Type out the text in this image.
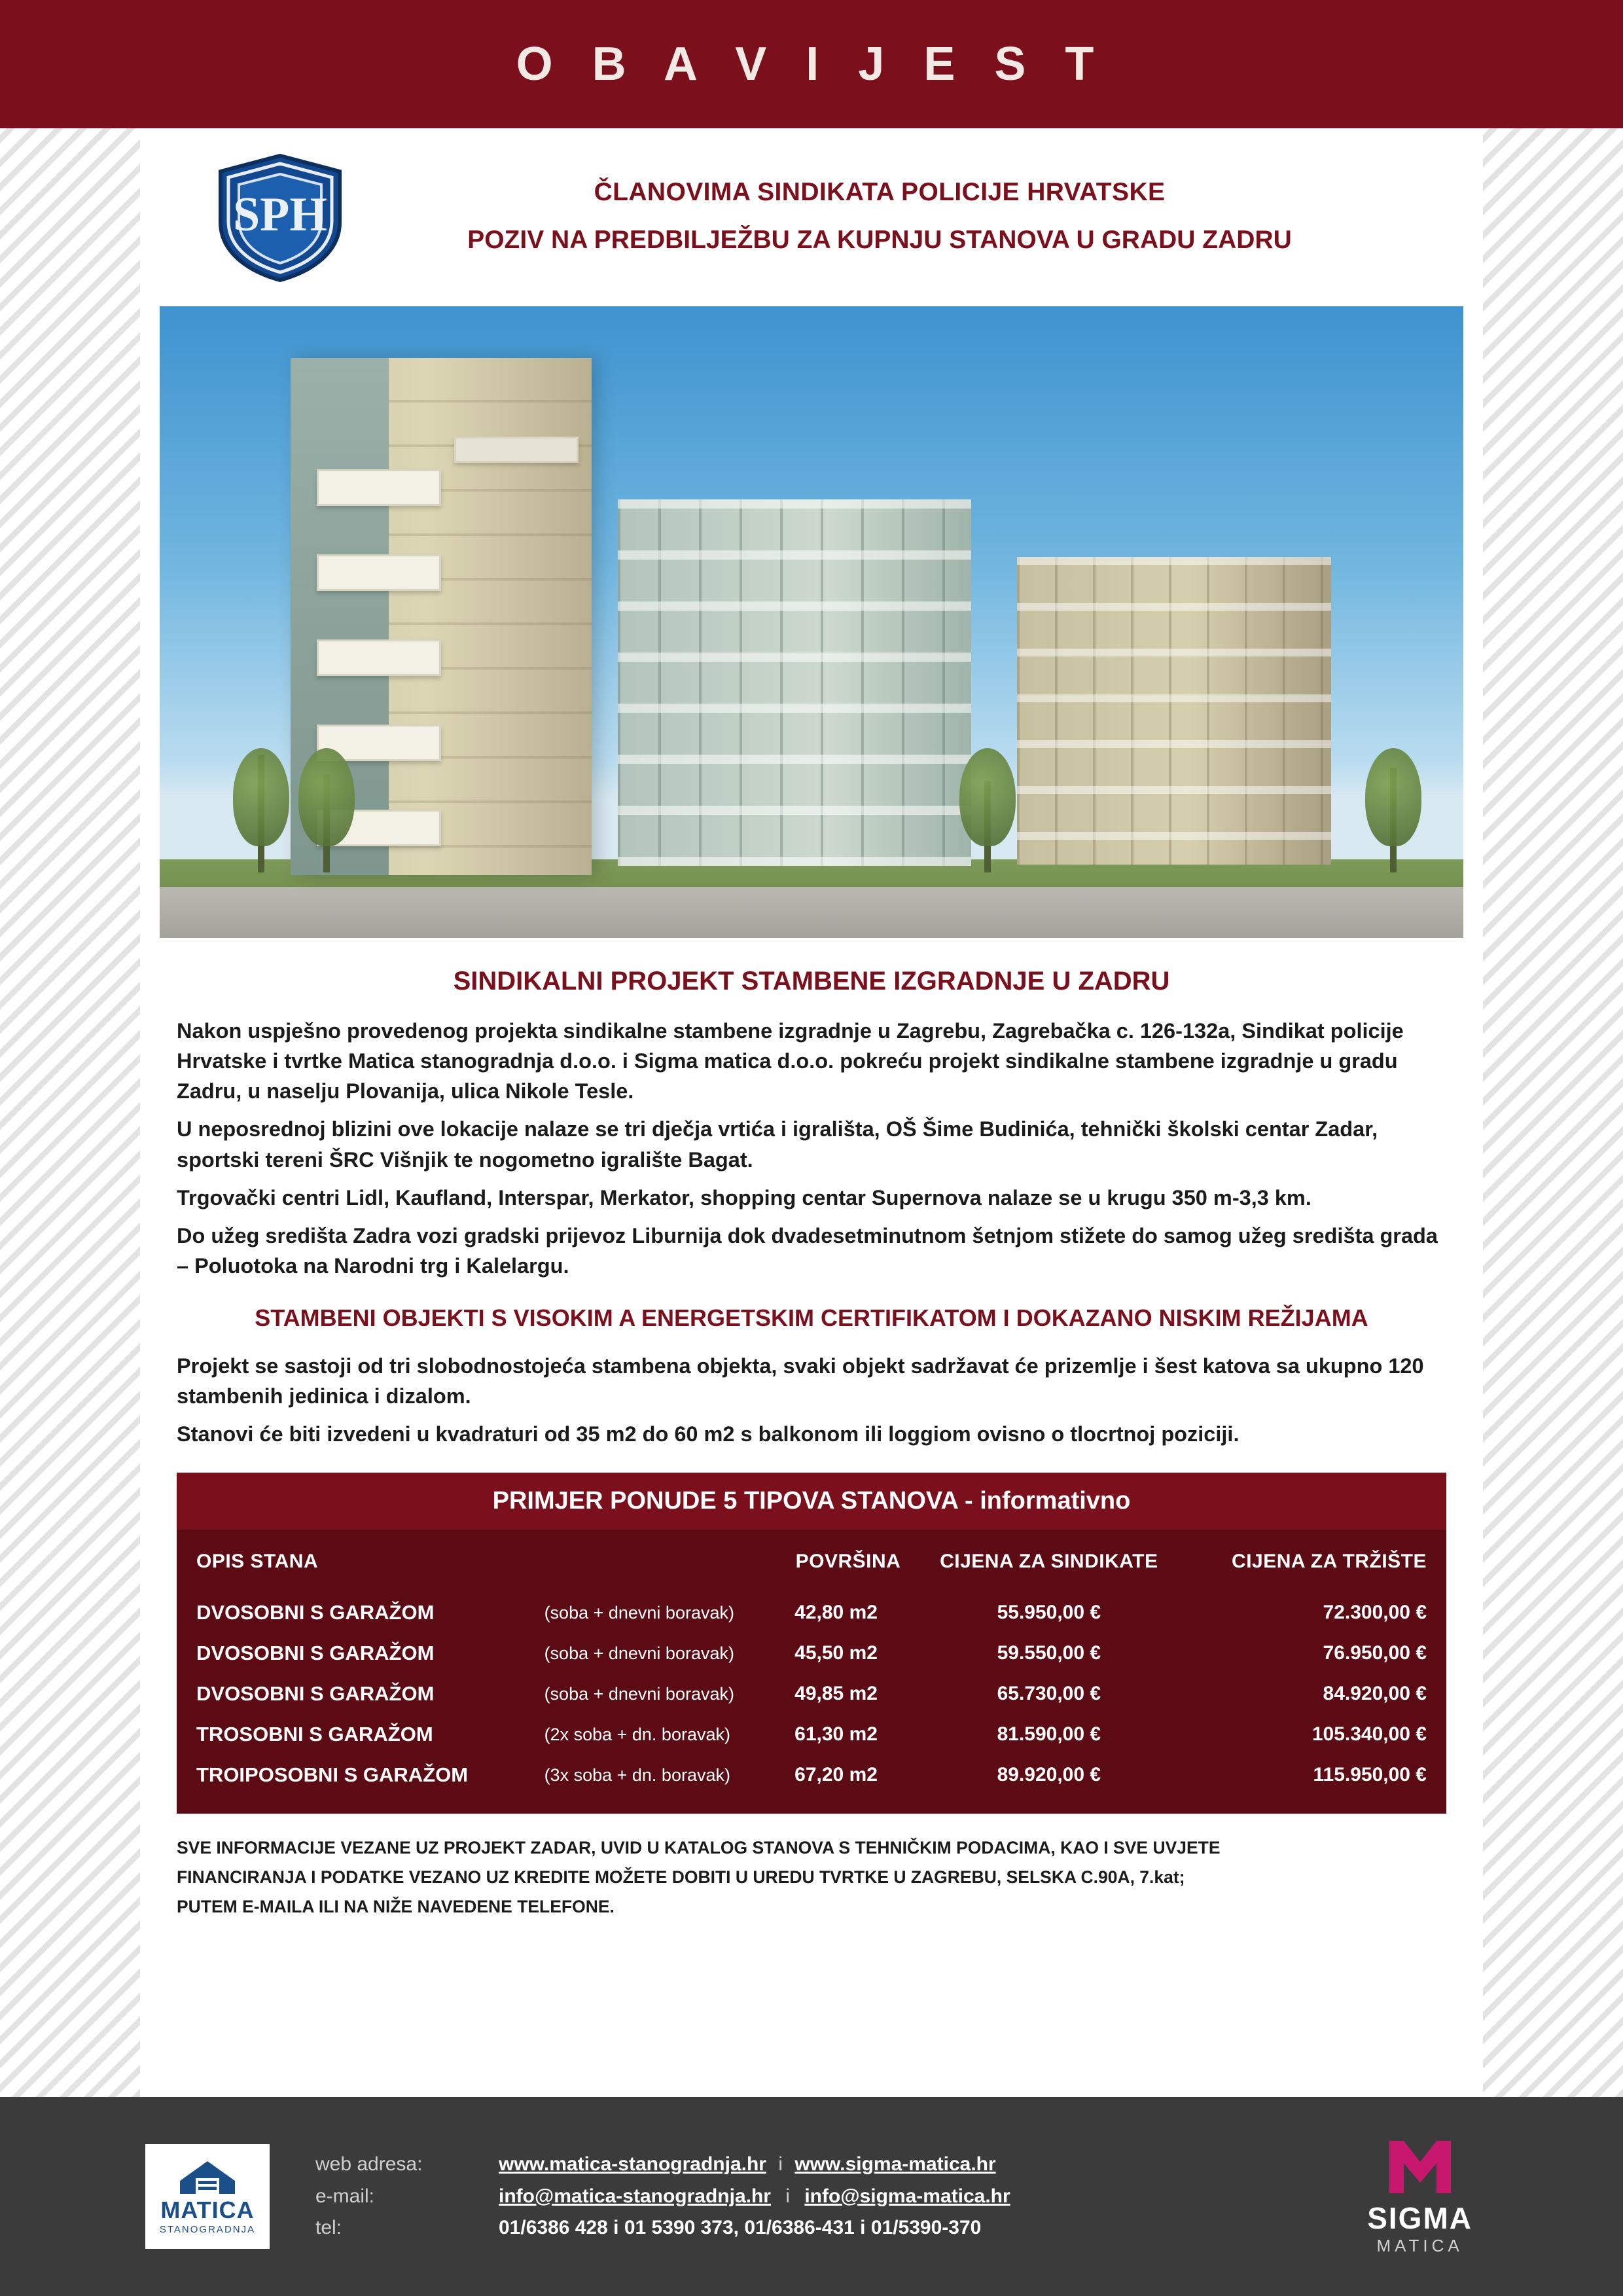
O B A V I J E S T
SPH	ČLANOVIMA SINDIKATA POLICIJE HRVATSKE
POZIV NA PREDBILJEŽBU ZA KUPNJU STANOVA U GRADU ZADRU
SINDIKALNI PROJEKT STAMBENE IZGRADNJE U ZADRU

Nakon uspješno provedenog projekta sindikalne stambene izgradnje u Zagrebu, Zagrebačka c. 126-132a, Sindikat policije Hrvatske i tvrtke Matica stanogradnja d.o.o. i Sigma matica d.o.o. pokreću projekt sindikalne stambene izgradnje u gradu Zadru, u naselju Plovanija, ulica Nikole Tesle.

U neposrednoj blizini ove lokacije nalaze se tri dječja vrtića i igrališta, OŠ Šime Budinića, tehnički školski centar Zadar, sportski tereni ŠRC Višnjik te nogometno igralište Bagat.

Trgovački centri Lidl, Kaufland, Interspar, Merkator, shopping centar Supernova nalaze se u krugu 350 m-3,3 km.

Do užeg središta Zadra vozi gradski prijevoz Liburnija dok dvadesetminutnom šetnjom stižete do samog užeg središta grada – Poluotoka na Narodni trg i Kalelargu.

STAMBENI OBJEKTI S VISOKIM A ENERGETSKIM CERTIFIKATOM I DOKAZANO NISKIM REŽIJAMA

Projekt se sastoji od tri slobodnostojeća stambena objekta, svaki objekt sadržavat će prizemlje i šest katova sa ukupno 120 stambenih jedinica i dizalom.

Stanovi će biti izvedeni u kvadraturi od 35 m2 do 60 m2 s balkonom ili loggiom ovisno o tlocrtnoj poziciji.

PRIMJER PONUDE 5 TIPOVA STANOVA - informativno
OPIS STANA		POVRŠINA	CIJENA ZA SINDIKATE	CIJENA ZA TRŽIŠTE
DVOSOBNI S GARAŽOM	(soba + dnevni boravak)	42,80 m2	55.950,00 €	72.300,00 €
DVOSOBNI S GARAŽOM	(soba + dnevni boravak)	45,50 m2	59.550,00 €	76.950,00 €
DVOSOBNI S GARAŽOM	(soba + dnevni boravak)	49,85 m2	65.730,00 €	84.920,00 €
TROSOBNI S GARAŽOM	(2x soba + dn. boravak)	61,30 m2	81.590,00 €	105.340,00 €
TROIPOSOBNI S GARAŽOM	(3x soba + dn. boravak)	67,20 m2	89.920,00 €	115.950,00 €
SVE INFORMACIJE VEZANE UZ PROJEKT ZADAR, UVID U KATALOG STANOVA S TEHNIČKIM PODACIMA, KAO I SVE UVJETE
FINANCIRANJA I PODATKE VEZANO UZ KREDITE MOŽETE DOBITI U UREDU TVRTKE U ZAGREBU, SELSKA C.90A, 7.kat;
PUTEM E-MAILA ILI NA NIŽE NAVEDENE TELEFONE.
MATICA
STANOGRADNJA
web adresa:	www.matica-stanogradnja.hr i www.sigma-matica.hr
e-mail:	info@matica-stanogradnja.hr i info@sigma-matica.hr
tel:	01/6386 428 i 01 5390 373, 01/6386-431 i 01/5390-370	SIGMA
MATICA
